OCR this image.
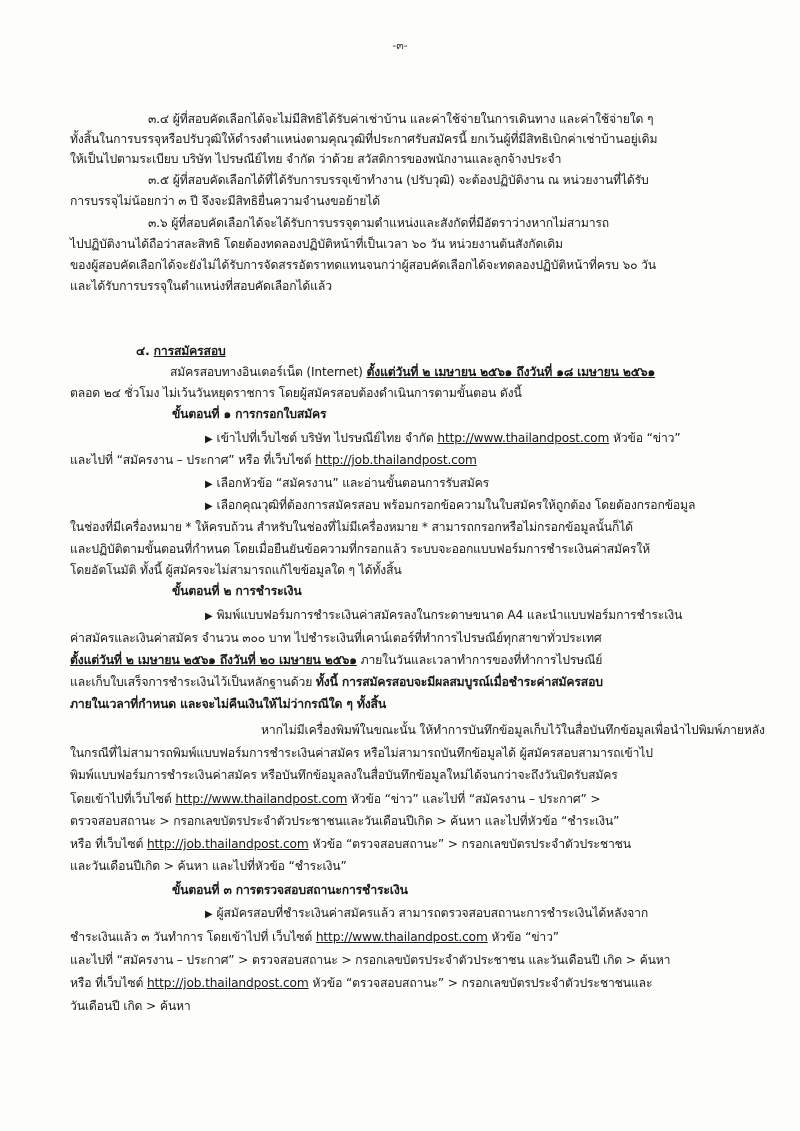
-๓-
๓.๔ ผู้ที่สอบคัดเลือกได้จะไม่มีสิทธิได้รับค่าเช่าบ้าน และค่าใช้จ่ายในการเดินทาง และค่าใช้จ่ายใด ๆ
ทั้งสิ้นในการบรรจุหรือปรับวุฒิให้ดำรงตำแหน่งตามคุณวุฒิที่ประกาศรับสมัครนี้ ยกเว้นผู้ที่มีสิทธิเบิกค่าเช่าบ้านอยู่เดิม
ให้เป็นไปตามระเบียบ บริษัท ไปรษณีย์ไทย จำกัด ว่าด้วย สวัสดิการของพนักงานและลูกจ้างประจำ
๓.๕ ผู้ที่สอบคัดเลือกได้ที่ได้รับการบรรจุเข้าทำงาน (ปรับวุฒิ) จะต้องปฏิบัติงาน ณ หน่วยงานที่ได้รับ
การบรรจุไม่น้อยกว่า ๓ ปี จึงจะมีสิทธิยื่นความจำนงขอย้ายได้
๓.๖ ผู้ที่สอบคัดเลือกได้จะได้รับการบรรจุตามตำแหน่งและสังกัดที่มีอัตราว่างหากไม่สามารถ
ไปปฏิบัติงานได้ถือว่าสละสิทธิ โดยต้องทดลองปฏิบัติหน้าที่เป็นเวลา ๖๐ วัน หน่วยงานต้นสังกัดเดิม
ของผู้สอบคัดเลือกได้จะยังไม่ได้รับการจัดสรรอัตราทดแทนจนกว่าผู้สอบคัดเลือกได้จะทดลองปฏิบัติหน้าที่ครบ ๖๐ วัน
และได้รับการบรรจุในตำแหน่งที่สอบคัดเลือกได้แล้ว
๔. การสมัครสอบ
สมัครสอบทางอินเตอร์เน็ต (Internet) ตั้งแต่วันที่ ๒ เมษายน ๒๕๖๑ ถึงวันที่ ๑๘ เมษายน ๒๕๖๑
ตลอด ๒๔ ชั่วโมง ไม่เว้นวันหยุดราชการ โดยผู้สมัครสอบต้องดำเนินการตามขั้นตอน ดังนี้
ขั้นตอนที่ ๑ การกรอกใบสมัคร
▶ เข้าไปที่เว็บไซต์ บริษัท ไปรษณีย์ไทย จำกัด http://www.thailandpost.com หัวข้อ “ข่าว”
และไปที่ “สมัครงาน – ประกาศ” หรือ ที่เว็บไซต์ http://job.thailandpost.com
▶ เลือกหัวข้อ “สมัครงาน” และอ่านขั้นตอนการรับสมัคร
▶ เลือกคุณวุฒิที่ต้องการสมัครสอบ พร้อมกรอกข้อความในใบสมัครให้ถูกต้อง โดยต้องกรอกข้อมูล
ในช่องที่มีเครื่องหมาย * ให้ครบถ้วน สำหรับในช่องที่ไม่มีเครื่องหมาย * สามารถกรอกหรือไม่กรอกข้อมูลนั้นก็ได้
และปฏิบัติตามขั้นตอนที่กำหนด โดยเมื่อยืนยันข้อความที่กรอกแล้ว ระบบจะออกแบบฟอร์มการชำระเงินค่าสมัครให้
โดยอัตโนมัติ ทั้งนี้ ผู้สมัครจะไม่สามารถแก้ไขข้อมูลใด ๆ ได้ทั้งสิ้น
ขั้นตอนที่ ๒ การชำระเงิน
▶ พิมพ์แบบฟอร์มการชำระเงินค่าสมัครลงในกระดาษขนาด A4 และนำแบบฟอร์มการชำระเงิน
ค่าสมัครและเงินค่าสมัคร จำนวน ๓๐๐ บาท ไปชำระเงินที่เคาน์เตอร์ที่ทำการไปรษณีย์ทุกสาขาทั่วประเทศ
ตั้งแต่วันที่ ๒ เมษายน ๒๕๖๑ ถึงวันที่ ๒๐ เมษายน ๒๕๖๑ ภายในวันและเวลาทำการของที่ทำการไปรษณีย์
และเก็บใบเสร็จการชำระเงินไว้เป็นหลักฐานด้วย ทั้งนี้ การสมัครสอบจะมีผลสมบูรณ์เมื่อชำระค่าสมัครสอบ
ภายในเวลาที่กำหนด และจะไม่คืนเงินให้ไม่ว่ากรณีใด ๆ ทั้งสิ้น
หากไม่มีเครื่องพิมพ์ในขณะนั้น ให้ทำการบันทึกข้อมูลเก็บไว้ในสื่อบันทึกข้อมูลเพื่อนำไปพิมพ์ภายหลัง
ในกรณีที่ไม่สามารถพิมพ์แบบฟอร์มการชำระเงินค่าสมัคร หรือไม่สามารถบันทึกข้อมูลได้ ผู้สมัครสอบสามารถเข้าไป
พิมพ์แบบฟอร์มการชำระเงินค่าสมัคร หรือบันทึกข้อมูลลงในสื่อบันทึกข้อมูลใหม่ได้จนกว่าจะถึงวันปิดรับสมัคร
โดยเข้าไปที่เว็บไซต์ http://www.thailandpost.com หัวข้อ “ข่าว” และไปที่ “สมัครงาน – ประกาศ” >
ตรวจสอบสถานะ > กรอกเลขบัตรประจำตัวประชาชนและวันเดือนปีเกิด > ค้นหา และไปที่หัวข้อ “ชำระเงิน”
หรือ ที่เว็บไซต์ http://job.thailandpost.com หัวข้อ “ตรวจสอบสถานะ” > กรอกเลขบัตรประจำตัวประชาชน
และวันเดือนปีเกิด > ค้นหา และไปที่หัวข้อ “ชำระเงิน”
ขั้นตอนที่ ๓ การตรวจสอบสถานะการชำระเงิน
▶ ผู้สมัครสอบที่ชำระเงินค่าสมัครแล้ว สามารถตรวจสอบสถานะการชำระเงินได้หลังจาก
ชำระเงินแล้ว ๓ วันทำการ โดยเข้าไปที่ เว็บไซต์ http://www.thailandpost.com หัวข้อ “ข่าว”
และไปที่ “สมัครงาน – ประกาศ” > ตรวจสอบสถานะ > กรอกเลขบัตรประจำตัวประชาชน และวันเดือนปี เกิด > ค้นหา
หรือ ที่เว็บไซต์ http://job.thailandpost.com หัวข้อ “ตรวจสอบสถานะ” > กรอกเลขบัตรประจำตัวประชาชนและ
วันเดือนปี เกิด > ค้นหา
